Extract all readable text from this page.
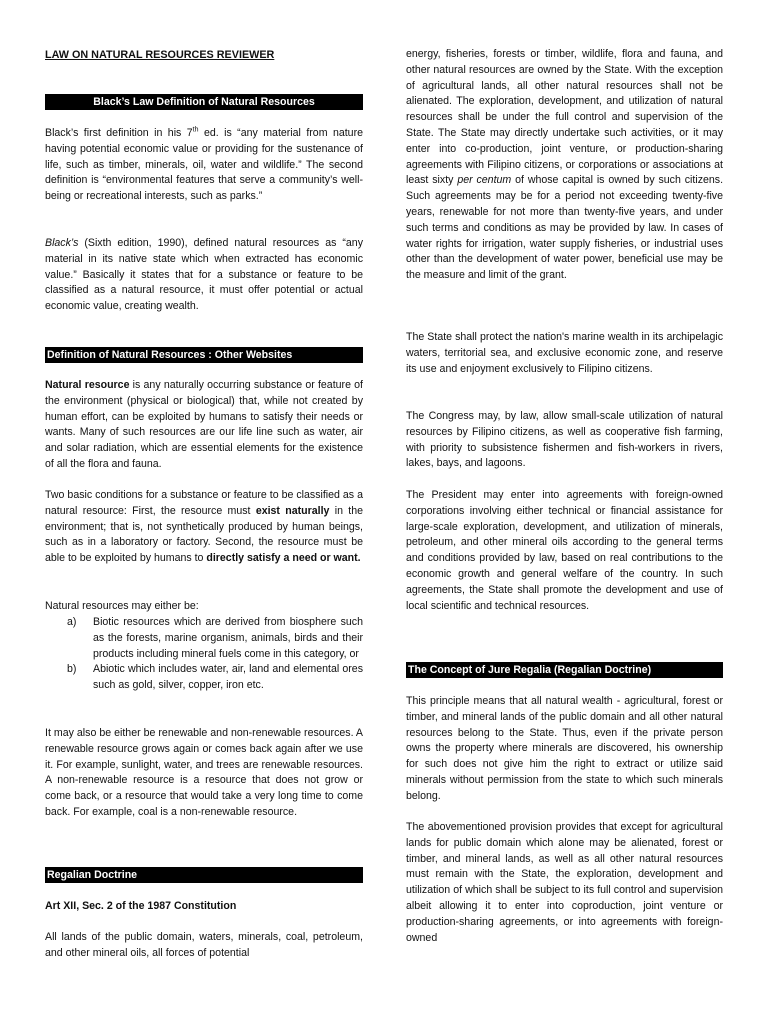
LAW ON NATURAL RESOURCES REVIEWER
Black’s Law Definition of Natural Resources

Black’s first definition in his 7th ed. is “any material from nature having potential economic value or providing for the sustenance of life, such as timber, minerals, oil, water and wildlife.” The second definition is “environmental features that serve a community’s well-being or recreational interests, such as parks.”

Black’s (Sixth edition, 1990), defined natural resources as “any material in its native state which when extracted has economic value.” Basically it states that for a substance or feature to be classified as a natural resource, it must offer potential or actual economic value, creating wealth.

Definition of Natural Resources : Other Websites

Natural resource is any naturally occurring substance or feature of the environment (physical or biological) that, while not created by human effort, can be exploited by humans to satisfy their needs or wants. Many of such resources are our life line such as water, air and solar radiation, which are essential elements for the existence of all the flora and fauna.

Two basic conditions for a substance or feature to be classified as a natural resource: First, the resource must exist naturally in the environment; that is, not synthetically produced by human beings, such as in a laboratory or factory. Second, the resource must be able to be exploited by humans to directly satisfy a need or want.

Natural resources may either be:

a) Biotic resources which are derived from biosphere such as the forests, marine organism, animals, birds and their products including mineral fuels come in this category, or
b) Abiotic which includes water, air, land and elemental ores such as gold, silver, copper, iron etc.

It may also be either be renewable and non-renewable resources. A renewable resource grows again or comes back again after we use it. For example, sunlight, water, and trees are renewable resources. A non-renewable resource is a resource that does not grow or come back, or a resource that would take a very long time to come back. For example, coal is a non-renewable resource.

Regalian Doctrine

Art XII, Sec. 2 of the 1987 Constitution

All lands of the public domain, waters, minerals, coal, petroleum, and other mineral oils, all forces of potential

energy, fisheries, forests or timber, wildlife, flora and fauna, and other natural resources are owned by the State. With the exception of agricultural lands, all other natural resources shall not be alienated. The exploration, development, and utilization of natural resources shall be under the full control and supervision of the State. The State may directly undertake such activities, or it may enter into co-production, joint venture, or production-sharing agreements with Filipino citizens, or corporations or associations at least sixty per centum of whose capital is owned by such citizens. Such agreements may be for a period not exceeding twenty-five years, renewable for not more than twenty-five years, and under such terms and conditions as may be provided by law. In cases of water rights for irrigation, water supply fisheries, or industrial uses other than the development of water power, beneficial use may be the measure and limit of the grant.

The State shall protect the nation's marine wealth in its archipelagic waters, territorial sea, and exclusive economic zone, and reserve its use and enjoyment exclusively to Filipino citizens.

The Congress may, by law, allow small-scale utilization of natural resources by Filipino citizens, as well as cooperative fish farming, with priority to subsistence fishermen and fish-workers in rivers, lakes, bays, and lagoons.

The President may enter into agreements with foreign-owned corporations involving either technical or financial assistance for large-scale exploration, development, and utilization of minerals, petroleum, and other mineral oils according to the general terms and conditions provided by law, based on real contributions to the economic growth and general welfare of the country. In such agreements, the State shall promote the development and use of local scientific and technical resources.

The Concept of Jure Regalia (Regalian Doctrine)

This principle means that all natural wealth - agricultural, forest or timber, and mineral lands of the public domain and all other natural resources belong to the State. Thus, even if the private person owns the property where minerals are discovered, his ownership for such does not give him the right to extract or utilize said minerals without permission from the state to which such minerals belong.

The abovementioned provision provides that except for agricultural lands for public domain which alone may be alienated, forest or timber, and mineral lands, as well as all other natural resources must remain with the State, the exploration, development and utilization of which shall be subject to its full control and supervision albeit allowing it to enter into coproduction, joint venture or production-sharing agreements, or into agreements with foreign-owned
